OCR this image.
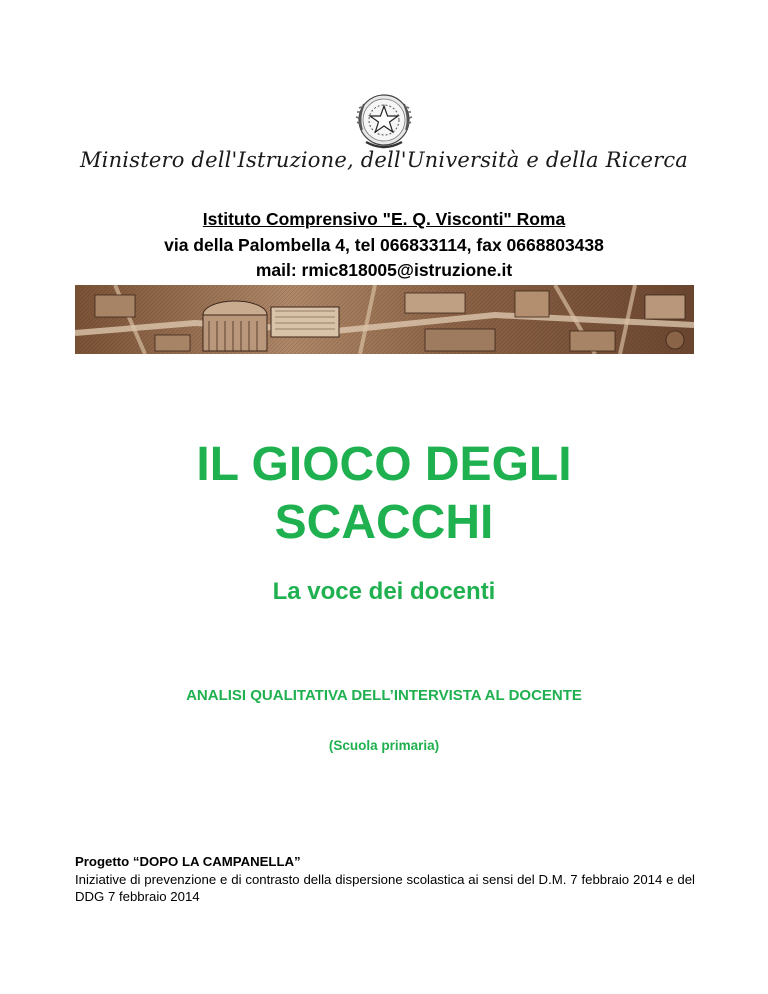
Ministero dell'Istruzione, dell'Università e della Ricerca
Istituto Comprensivo "E. Q. Visconti" Roma
via della Palombella 4, tel 066833114, fax 0668803438
mail: rmic818005@istruzione.it
IL GIOCO DEGLI
SCACCHI
La voce dei docenti
ANALISI QUALITATIVA DELL’INTERVISTA AL DOCENTE
(Scuola primaria)
Progetto “DOPO LA CAMPANELLA”
Iniziative di prevenzione e di contrasto della dispersione scolastica ai sensi del D.M. 7 febbraio 2014 e del DDG 7 febbraio 2014
